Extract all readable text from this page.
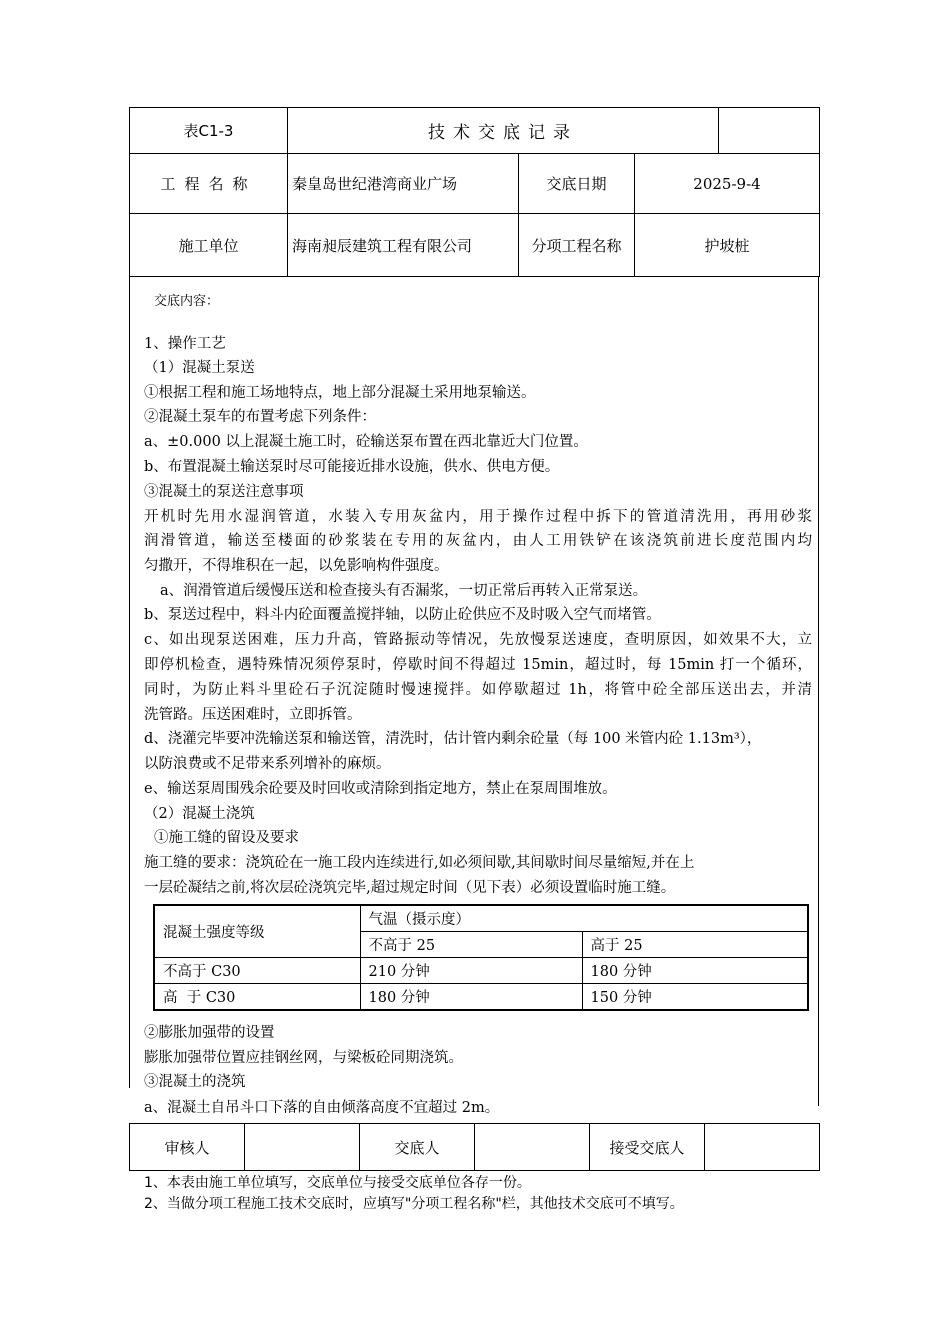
表C1-3	技术交底记录			
工程名称	秦皇岛世纪港湾商业广场	交底日期	2025-9-4	
施工单位	海南昶辰建筑工程有限公司	分项工程名称	护坡桩	
交底内容：
1、操作工艺
（1）混凝土泵送
①根据工程和施工场地特点，地上部分混凝土采用地泵输送。
②混凝土泵车的布置考虑下列条件：
a、±0.000 以上混凝土施工时，砼输送泵布置在西北靠近大门位置。
b、布置混凝土输送泵时尽可能接近排水设施，供水、供电方便。
③混凝土的泵送注意事项
开机时先用水湿润管道，水装入专用灰盆内，用于操作过程中拆下的管道清洗用，再用砂浆
润滑管道，输送至楼面的砂浆装在专用的灰盆内，由人工用铁铲在该浇筑前进长度范围内均
匀撒开，不得堆积在一起，以免影响构件强度。
a、润滑管道后缓慢压送和检查接头有否漏浆，一切正常后再转入正常泵送。
b、泵送过程中，料斗内砼面覆盖搅拌轴，以防止砼供应不及时吸入空气而堵管。
c、如出现泵送困难，压力升高，管路振动等情况，先放慢泵送速度，查明原因，如效果不大，立
即停机检查，遇特殊情况须停泵时，停歇时间不得超过 15min，超过时，每 15min 打一个循环，
同时，为防止料斗里砼石子沉淀随时慢速搅拌。如停歇超过 1h，将管中砼全部压送出去，并清
洗管路。压送困难时，立即拆管。
d、浇灌完毕要冲洗输送泵和输送管，清洗时，估计管内剩余砼量（每 100 米管内砼 1.13m³），
以防浪费或不足带来系列增补的麻烦。
e、输送泵周围残余砼要及时回收或清除到指定地方，禁止在泵周围堆放。
（2）混凝土浇筑
①施工缝的留设及要求
施工缝的要求：浇筑砼在一施工段内连续进行,如必须间歇,其间歇时间尽量缩短,并在上
一层砼凝结之前,将次层砼浇筑完毕,超过规定时间（见下表）必须设置临时施工缝。
②膨胀加强带的设置
膨胀加强带位置应挂钢丝网，与梁板砼同期浇筑。
③混凝土的浇筑
a、混凝土自吊斗口下落的自由倾落高度不宜超过 2m。
混凝土强度等级	气温（摄示度）	
	不高于 25	高于 25
不高于 C30	210 分钟	180 分钟
高  于 C30	180 分钟	150 分钟
审核人		交底人		接受交底人	
1、本表由施工单位填写，交底单位与接受交底单位各存一份。
2、当做分项工程施工技术交底时，应填写"分项工程名称"栏，其他技术交底可不填写。
